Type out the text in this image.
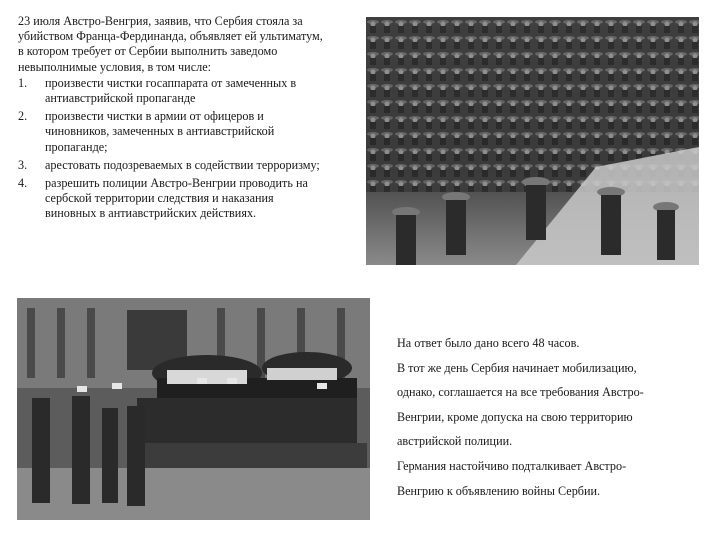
23 июля Австро-Венгрия, заявив, что Сербия стояла за убийством Франца-Фердинанда, объявляет ей ультиматум, в котором требует от Сербии выполнить заведомо невыполнимые условия, в том числе:

1. произвести чистки госаппарата от замеченных в антиавстрийской пропаганде
2. произвести чистки в армии от офицеров и чиновников, замеченных в антиавстрийской пропаганде;
3. арестовать подозреваемых в содействии терроризму;
4. разрешить полиции Австро-Венгрии проводить на сербской территории следствия и наказания виновных в антиавстрийских действиях.

На ответ было дано всего 48 часов.

В тот же день Сербия начинает мобилизацию,

однако, соглашается на все требования Австро-

Венгрии, кроме допуска на свою территорию

австрийской полиции.

Германия настойчиво подталкивает Австро-

Венгрию к объявлению войны Сербии.
